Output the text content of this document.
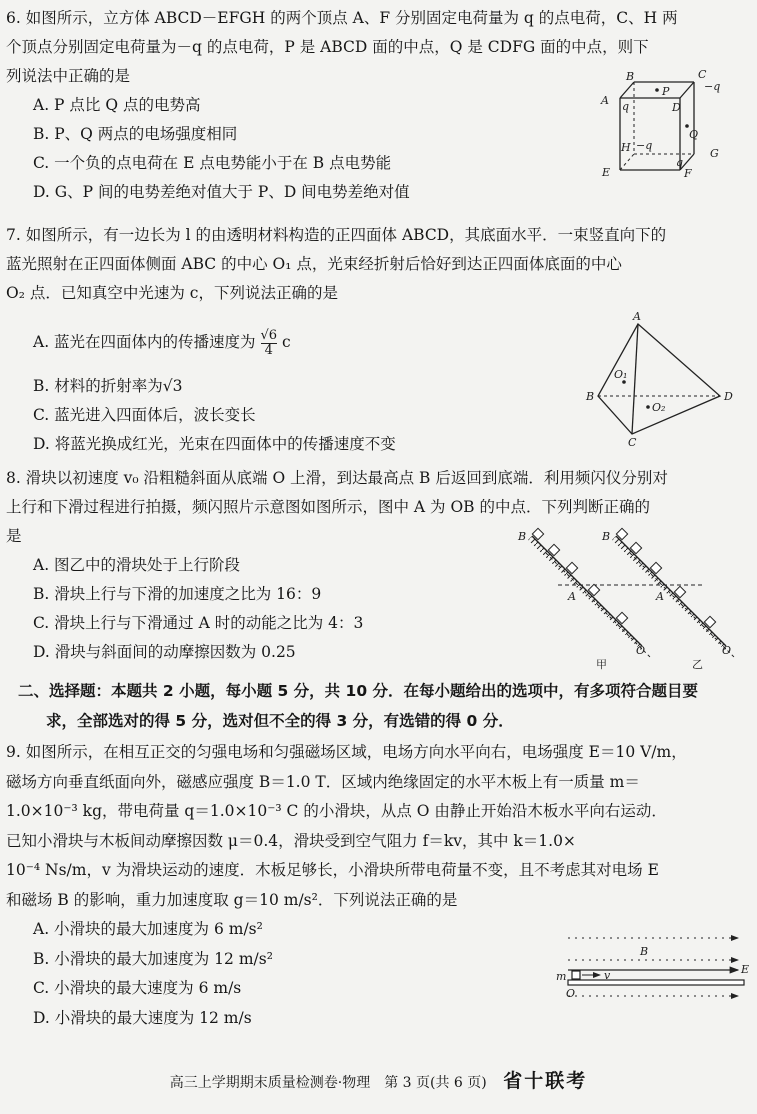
6. 如图所示，立方体 ABCD－EFGH 的两个顶点 A、F 分别固定电荷量为 q 的点电荷，C、H 两
个顶点分别固定电荷量为－q 的点电荷，P 是 ABCD 面的中点，Q 是 CDFG 面的中点，则下
列说法中正确的是
A. P 点比 Q 点的电势高
B. P、Q 两点的电场强度相同
C. 一个负的点电荷在 E 点电势能小于在 B 点电势能
D. G、P 间的电势差绝对值大于 P、D 间电势差绝对值
B	C
−q
A q
P
D
Q
H −q
G
E
q
F
7. 如图所示，有一边长为 l 的由透明材料构造的正四面体 ABCD，其底面水平．一束竖直向下的
蓝光照射在正四面体侧面 ABC 的中心 O₁ 点，光束经折射后恰好到达正四面体底面的中心
O₂ 点．已知真空中光速为 c，下列说法正确的是
A. 蓝光在四面体内的传播速度为 $\frac{√6}{4}$ c
B. 材料的折射率为√3
C. 蓝光进入四面体后，波长变长
D. 将蓝光换成红光，光束在四面体中的传播速度不变
A
B	D
C
O₁
O₂
8. 滑块以初速度 v₀ 沿粗糙斜面从底端 O 上滑，到达最高点 B 后返回到底端．利用频闪仪分别对
上行和下滑过程进行拍摄，频闪照片示意图如图所示，图中 A 为 OB 的中点．下列判断正确的
是
A. 图乙中的滑块处于上行阶段
B. 滑块上行与下滑的加速度之比为 16：9
C. 滑块上行与下滑通过 A 时的动能之比为 4：3
D. 滑块与斜面间的动摩擦因数为 0.25
B
A
O
B
A
O
甲	乙
二、选择题：本题共 2 小题，每小题 5 分，共 10 分．在每小题给出的选项中，有多项符合题目要
求，全部选对的得 5 分，选对但不全的得 3 分，有选错的得 0 分．
9. 如图所示，在相互正交的匀强电场和匀强磁场区域，电场方向水平向右，电场强度 E＝10 V/m，
磁场方向垂直纸面向外，磁感应强度 B＝1.0 T．区域内绝缘固定的水平木板上有一质量 m＝
1.0×10⁻³ kg，带电荷量 q＝1.0×10⁻³ C 的小滑块，从点 O 由静止开始沿木板水平向右运动．
已知小滑块与木板间动摩擦因数 μ＝0.4，滑块受到空气阻力 f＝kv，其中 k＝1.0×
10⁻⁴ Ns/m，v 为滑块运动的速度．木板足够长，小滑块所带电荷量不变，且不考虑其对电场 E
和磁场 B 的影响，重力加速度取 g＝10 m/s²．下列说法正确的是
A. 小滑块的最大加速度为 6 m/s²
B. 小滑块的最大加速度为 12 m/s²
C. 小滑块的最大速度为 6 m/s
D. 小滑块的最大速度为 12 m/s
B
E
m	v
O
高三上学期期末质量检测卷·物理　第 3 页(共 6 页) 省十联考
